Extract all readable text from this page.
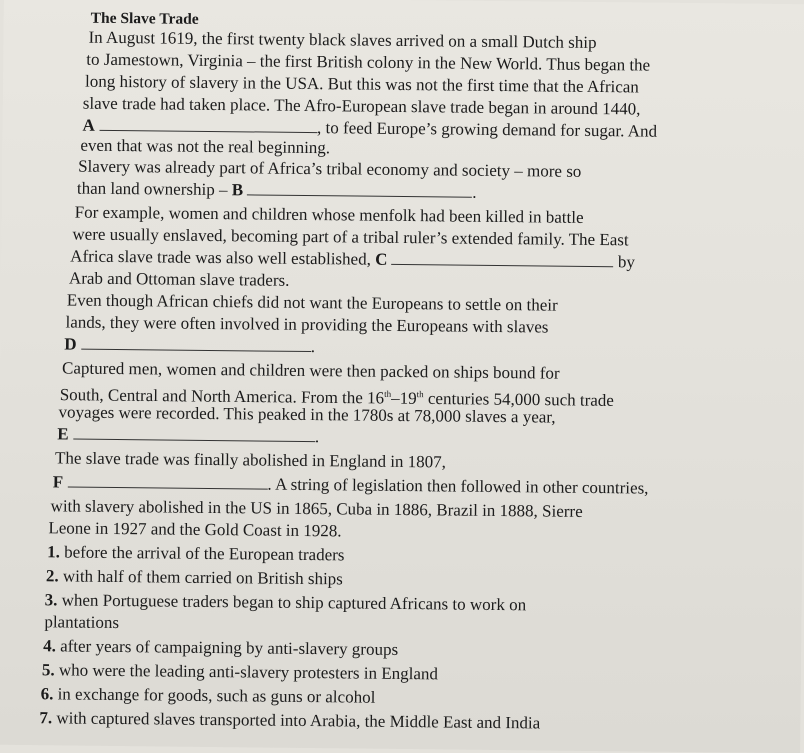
The Slave Trade
In August 1619, the first twenty black slaves arrived on a small Dutch ship
to Jamestown, Virginia – the first British colony in the New World. Thus began the
long history of slavery in the USA. But this was not the first time that the African
slave trade had taken place. The Afro-European slave trade began in around 1440,
A	, to feed Europe’s growing demand for sugar. And
even that was not the real beginning.
Slavery was already part of Africa’s tribal economy and society – more so
than land ownership – B	.
For example, women and children whose menfolk had been killed in battle
were usually enslaved, becoming part of a tribal ruler’s extended family. The East
Africa slave trade was also well established, C	by
Arab and Ottoman slave traders.
Even though African chiefs did not want the Europeans to settle on their
lands, they were often involved in providing the Europeans with slaves
D	.
Captured men, women and children were then packed on ships bound for
South, Central and North America. From the 16th–19th centuries 54,000 such trade
voyages were recorded. This peaked in the 1780s at 78,000 slaves a year,
E	.
The slave trade was finally abolished in England in 1807,
F	. A string of legislation then followed in other countries,
with slavery abolished in the US in 1865, Cuba in 1886, Brazil in 1888, Sierre
Leone in 1927 and the Gold Coast in 1928.
1. before the arrival of the European traders
2. with half of them carried on British ships
3. when Portuguese traders began to ship captured Africans to work on
plantations
4. after years of campaigning by anti-slavery groups
5. who were the leading anti-slavery protesters in England
6. in exchange for goods, such as guns or alcohol
7. with captured slaves transported into Arabia, the Middle East and India
